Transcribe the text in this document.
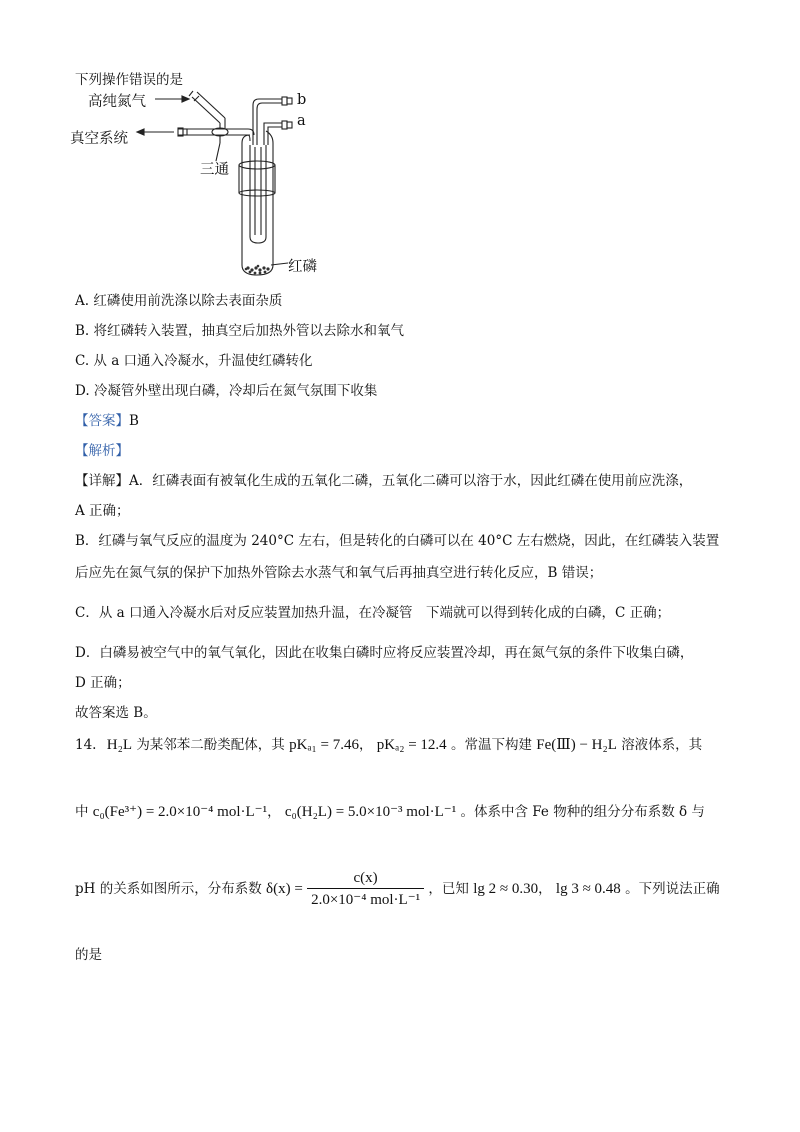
下列操作错误的是
高纯氮气
真空系统
三通
b
a
红磷
A. 红磷使用前洗涤以除去表面杂质
B. 将红磷转入装置，抽真空后加热外管以去除水和氧气
C. 从 a 口通入冷凝水，升温使红磷转化
D. 冷凝管外壁出现白磷，冷却后在氮气氛围下收集
【答案】B
【解析】
【详解】A．红磷表面有被氧化生成的五氧化二磷，五氧化二磷可以溶于水，因此红磷在使用前应洗涤，
A 正确；
B．红磷与氧气反应的温度为 240°C 左右，但是转化的白磷可以在 40°C 左右燃烧，因此，在红磷装入装置
后应先在氮气氛的保护下加热外管除去水蒸气和氧气后再抽真空进行转化反应，B 错误；
C．从 a 口通入冷凝水后对反应装置加热升温，在冷凝管　下端就可以得到转化成的白磷，C 正确；
D．白磷易被空气中的氧气氧化，因此在收集白磷时应将反应装置冷却，再在氮气氛的条件下收集白磷，
D 正确；
故答案选 B。
14. H₂L 为某邻苯二酚类配体，其 pKₐ₁ = 7.46， pKₐ₂ = 12.4 。常温下构建 Fe(Ⅲ) − H₂L 溶液体系，其
中 c₀(Fe³⁺) = 2.0×10⁻⁴ mol·L⁻¹， c₀(H₂L) = 5.0×10⁻³ mol·L⁻¹ 。体系中含 Fe 物种的组分分布系数 δ 与
pH 的关系如图所示，分布系数 $\delta(x) = \frac{c(x)}{\text{2.0×10⁻⁴ mol·L⁻¹}}$ ，已知 lg 2 ≈ 0.30， lg 3 ≈ 0.48 。下列说法正确
的是
